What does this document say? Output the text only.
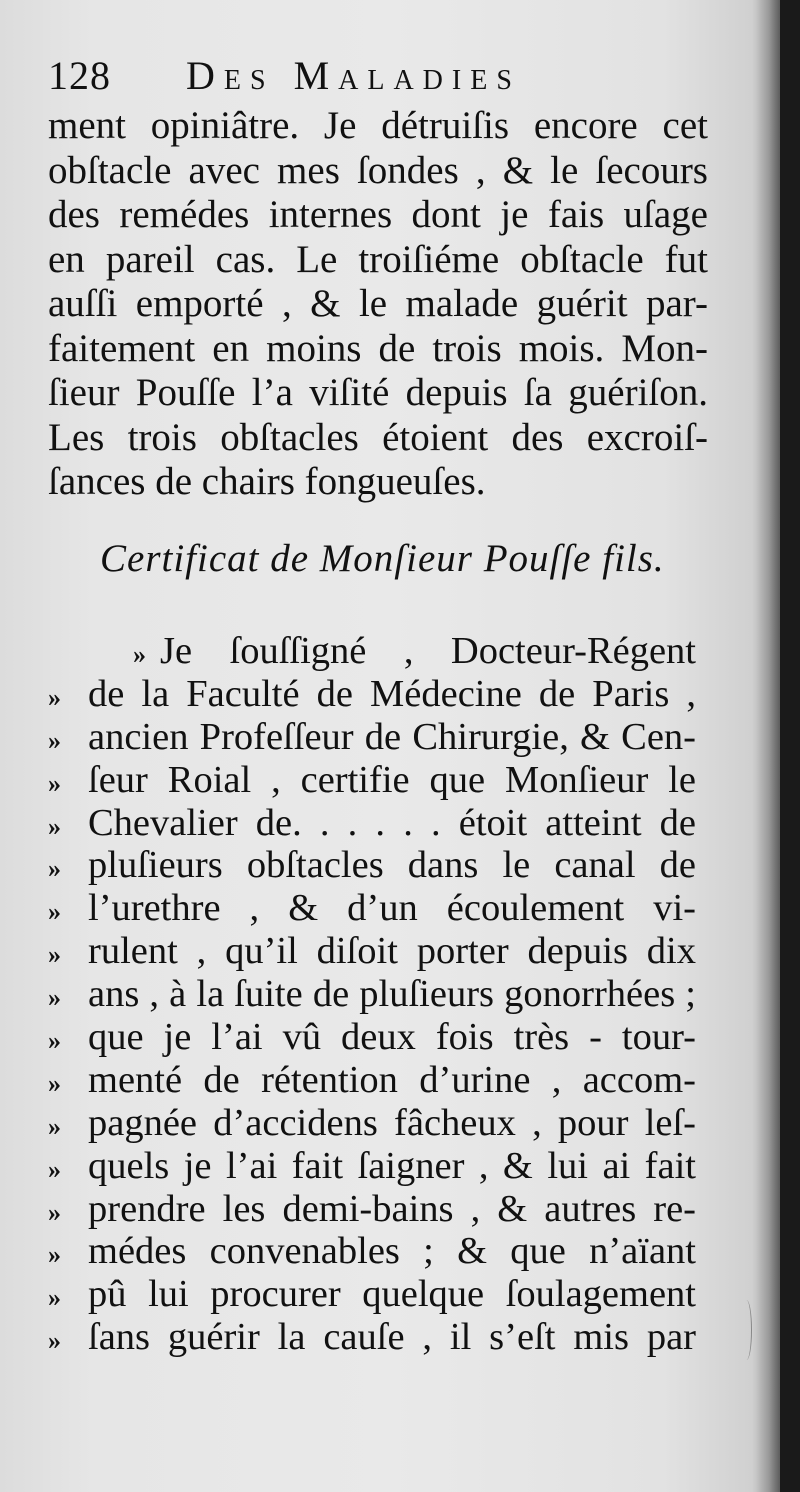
128 Des Maladies
ment opiniâtre. Je détruiſis encore cet
obſtacle avec mes ſondes , & le ſecours
des remédes internes dont je fais uſage
en pareil cas. Le troiſiéme obſtacle fut
auſſi emporté , & le malade guérit par-
faitement en moins de trois mois. Mon-
ſieur Pouſſe l’a viſité depuis ſa guériſon.
Les trois obſtacles étoient des excroiſ-
ſances de chairs fongueuſes.
Certificat de Monſieur Pouſſe fils.
» Je ſouſſigné , Docteur-Régent
» de la Faculté de Médecine de Paris ,
» ancien Profeſſeur de Chirurgie, & Cen-
» ſeur Roial , certifie que Monſieur le
» Chevalier de. . . . . . étoit atteint de
» pluſieurs obſtacles dans le canal de
» l’urethre , & d’un écoulement vi-
» rulent , qu’il diſoit porter depuis dix
» ans , à la ſuite de pluſieurs gonorrhées ;
» que je l’ai vû deux fois très - tour-
» menté de rétention d’urine , accom-
» pagnée d’accidens fâcheux , pour leſ-
» quels je l’ai fait ſaigner , & lui ai fait
» prendre les demi-bains , & autres re-
» médes convenables ; & que n’aïant
» pû lui procurer quelque ſoulagement
» ſans guérir la cauſe , il s’eſt mis par
